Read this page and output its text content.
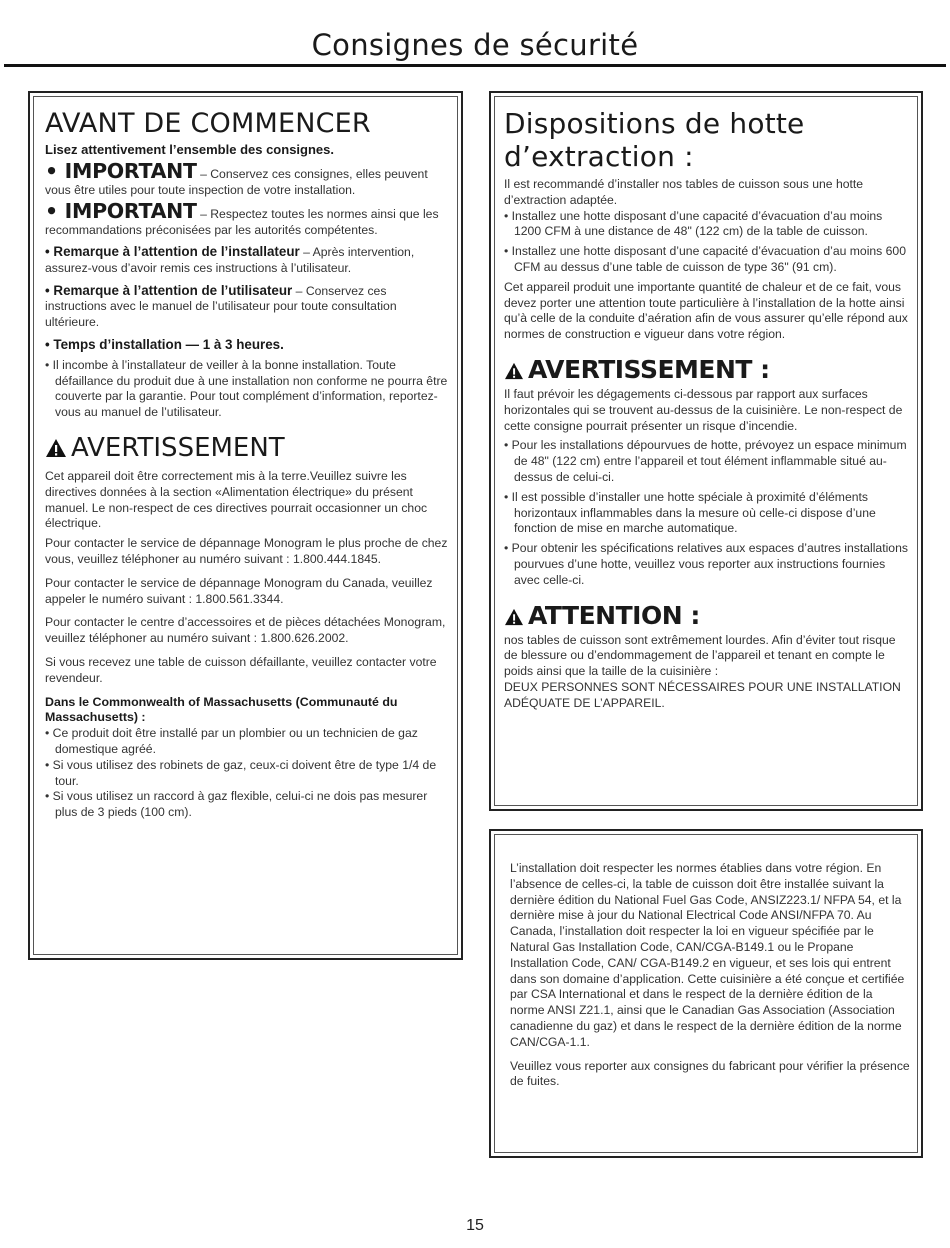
Consignes de sécurité
AVANT DE COMMENCER
Lisez attentivement l’ensemble des consignes.
• IMPORTANT – Conservez ces consignes, elles peuvent vous être utiles pour toute inspection de votre installation.
• IMPORTANT – Respectez toutes les normes ainsi que les recommandations préconisées par les autorités compétentes.
• Remarque à l’attention de l’installateur – Après intervention, assurez-vous d’avoir remis ces instructions à l’utilisateur.
• Remarque à l’attention de l’utilisateur – Conservez ces instructions avec le manuel de l’utilisateur pour toute consultation ultérieure.
• Temps d’installation — 1 à 3 heures.
• Il incombe à l’installateur de veiller à la bonne installation. Toute défaillance du produit due à une installation non conforme ne pourra être couverte par la garantie. Pour tout complément d’information, reportez-vous au manuel de l’utilisateur.
AVERTISSEMENT

Cet appareil doit être correctement mis à la terre.Veuillez suivre les directives données à la section «Alimentation électrique» du présent manuel. Le non-respect de ces directives pourrait occasionner un choc électrique.

Pour contacter le service de dépannage Monogram le plus proche de chez vous, veuillez téléphoner au numéro suivant : 1.800.444.1845.

Pour contacter le service de dépannage Monogram du Canada, veuillez appeler le numéro suivant : 1.800.561.3344.

Pour contacter le centre d’accessoires et de pièces détachées Monogram, veuillez téléphoner au numéro suivant : 1.800.626.2002.

Si vous recevez une table de cuisson défaillante, veuillez contacter votre revendeur.

Dans le Commonwealth of Massachusetts (Communauté du Massachusetts) :

• Ce produit doit être installé par un plombier ou un technicien de gaz domestique agréé.
• Si vous utilisez des robinets de gaz, ceux-ci doivent être de type 1/4 de tour.
• Si vous utilisez un raccord à gaz flexible, celui-ci ne dois pas mesurer plus de 3 pieds (100 cm).
Dispositions de hotte d’extraction :

Il est recommandé d’installer nos tables de cuisson sous une hotte d’extraction adaptée.

• Installez une hotte disposant d’une capacité d’évacuation d’au moins 1200 CFM à une distance de 48" (122 cm) de la table de cuisson.
• Installez une hotte disposant d’une capacité d’évacuation d’au moins 600 CFM au dessus d’une table de cuisson de type 36" (91 cm).

Cet appareil produit une importante quantité de chaleur et de ce fait, vous devez porter une attention toute particulière à l’installation de la hotte ainsi qu’à celle de la conduite d’aération afin de vous assurer qu’elle répond aux normes de construction e vigueur dans votre région.

AVERTISSEMENT :

Il faut prévoir les dégagements ci-dessous par rapport aux surfaces horizontales qui se trouvent au-dessus de la cuisinière. Le non-respect de cette consigne pourrait présenter un risque d’incendie.

• Pour les installations dépourvues de hotte, prévoyez un espace minimum de 48" (122 cm) entre l’appareil et tout élément inflammable situé au-dessus de celui-ci.
• Il est possible d’installer une hotte spéciale à proximité d’éléments horizontaux inflammables dans la mesure où celle-ci dispose d’une fonction de mise en marche automatique.
• Pour obtenir les spécifications relatives aux espaces d’autres installations pourvues d’une hotte, veuillez vous reporter aux instructions fournies avec celle-ci.
ATTENTION :

nos tables de cuisson sont extrêmement lourdes. Afin d’éviter tout risque de blessure ou d’endommagement de l’appareil et tenant en compte le poids ainsi que la taille de la cuisinière :

DEUX PERSONNES SONT NÉCESSAIRES POUR UNE INSTALLATION ADÉQUATE DE L’APPAREIL.

L’installation doit respecter les normes établies dans votre région. En l’absence de celles-ci, la table de cuisson doit être installée suivant la dernière édition du National Fuel Gas Code, ANSIZ223.1/ NFPA 54, et la dernière mise à jour du National Electrical Code ANSI/NFPA 70. Au Canada, l’installation doit respecter la loi en vigueur spécifiée par le Natural Gas Installation Code, CAN/CGA-B149.1 ou le Propane Installation Code, CAN/ CGA-B149.2 en vigueur, et ses lois qui entrent dans son domaine d’application. Cette cuisinière a été conçue et certifiée par CSA International et dans le respect de la dernière édition de la norme ANSI Z21.1, ainsi que le Canadian Gas Association (Association canadienne du gaz) et dans le respect de la dernière édition de la norme CAN/CGA-1.1.

Veuillez vous reporter aux consignes du fabricant pour vérifier la présence de fuites.

15
